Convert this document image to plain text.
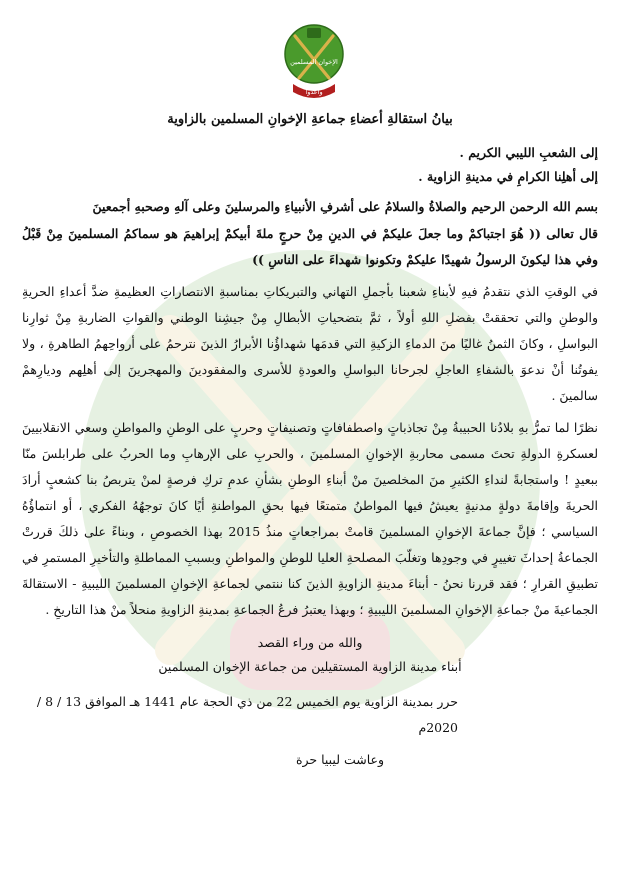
الإخوان المسلمين
وأعدوا
بيانُ استقالةِ أعضاءِ جماعةِ الإخوانِ المسلمين بالزاوية

إلى الشعبِ الليبي الكريم .

إلى أهلِنا الكرامِ في مدينةِ الزاوية .

بسم الله الرحمن الرحيم والصلاةُ والسلامُ على أشرفِ الأنبياءِ والمرسلينَ وعلى آلهِ وصحبهِ أجمعينَ

قال تعالى (( هُوَ اجتباكمْ وما جعلَ عليكمْ في الدينِ مِنْ حرجٍ ملةَ أبيكمْ إبراهيمَ هو سماكمُ المسلمينَ مِنْ قَبْلُ وفي هذا ليكونَ الرسولُ شهيدًا عليكمْ وتكونوا شهداءَ على الناسِ ))

في الوقتِ الذي نتقدمُ فيهِ لأبناءِ شعبنا بأجملِ التهاني والتبريكاتِ بمناسبةِ الانتصاراتِ العظيمةِ ضدَّ أعداءِ الحريةِ والوطنِ والتي تحققتْ بفضلِ اللهِ أولاً ، ثمَّ بتضحياتِ الأبطالِ مِنْ جيشِنا الوطني والقواتِ الضاربةِ مِنْ ثوارِنا البواسلِ ، وكانَ الثمنُ غاليًا منَ الدماءِ الزكيةِ التي قدمَها شهداؤُنا الأبرارُ الذينَ نترحمُ على أرواحِهمُ الطاهرةِ ، ولا يفوتُنا أنْ ندعوَ بالشفاءِ العاجلِ لجرحانا البواسلِ والعودةِ للأسرى والمفقودينَ والمهجرينَ إلى أهلِهم وديارِهمْ سالمينَ .

نظرًا لما تمرُّ بهِ بلادُنا الحبيبةُ مِنْ تجاذباتٍ واصطفافاتٍ وتصنيفاتٍ وحربٍ على الوطنِ والمواطنِ وسعي الانقلابيينَ لعسكرةِ الدولةِ تحتَ مسمى محاربةِ الإخوانِ المسلمينَ ، والحربِ على الإرهابِ وما الحربُ على طرابلسَ منّا ببعيدٍ ! واستجابةً لنداءِ الكثيرِ منَ المخلصينَ منْ أبناءِ الوطنِ بشأنِ عدمِ تركِ فرصةٍ لمنْ يتربصُ بنا كشعبٍ أرادَ الحريةَ وإقامةَ دولةٍ مدنيةٍ يعيشُ فيها المواطنُ متمتعًا فيها بحقِ المواطنةِ أيًا كانَ توجهُهُ الفكري ، أو انتماؤُهُ السياسي ؛ فإنَّ جماعةَ الإخوانِ المسلمينَ قامتْ بمراجعاتٍ منذُ 2015 بهذا الخصوصِ ، وبناءً على ذلكَ قررتْ الجماعةُ إحداثَ تغييرٍ في وجودِها وتغلّبَ المصلحةِ العليا للوطنِ والمواطنِ وبسببِ المماطلةِ والتأخيرِ المستمرِ في تطبيقِ القرارِ ؛ فقد قررنا نحنُ - أبناءَ مدينةِ الزاويةِ الذينَ كنا ننتمي لجماعةِ الإخوانِ المسلمينَ الليبيةِ - الاستقالةَ الجماعيةَ منْ جماعةِ الإخوانِ المسلمينَ الليبيةِ ؛ وبهذا يعتبرُ فرعُ الجماعةِ بمدينةِ الزاويةِ منحلاً منْ هذا التاريخِ .

والله من وراء القصد

أبناء مدينة الزاوية المستقيلين من جماعة الإخوان المسلمين

حرر بمدينة الزاوية يوم الخميس 22 من ذي الحجة عام 1441 هـ الموافق 13 / 8 / 2020م

وعاشت ليبيا حرة
